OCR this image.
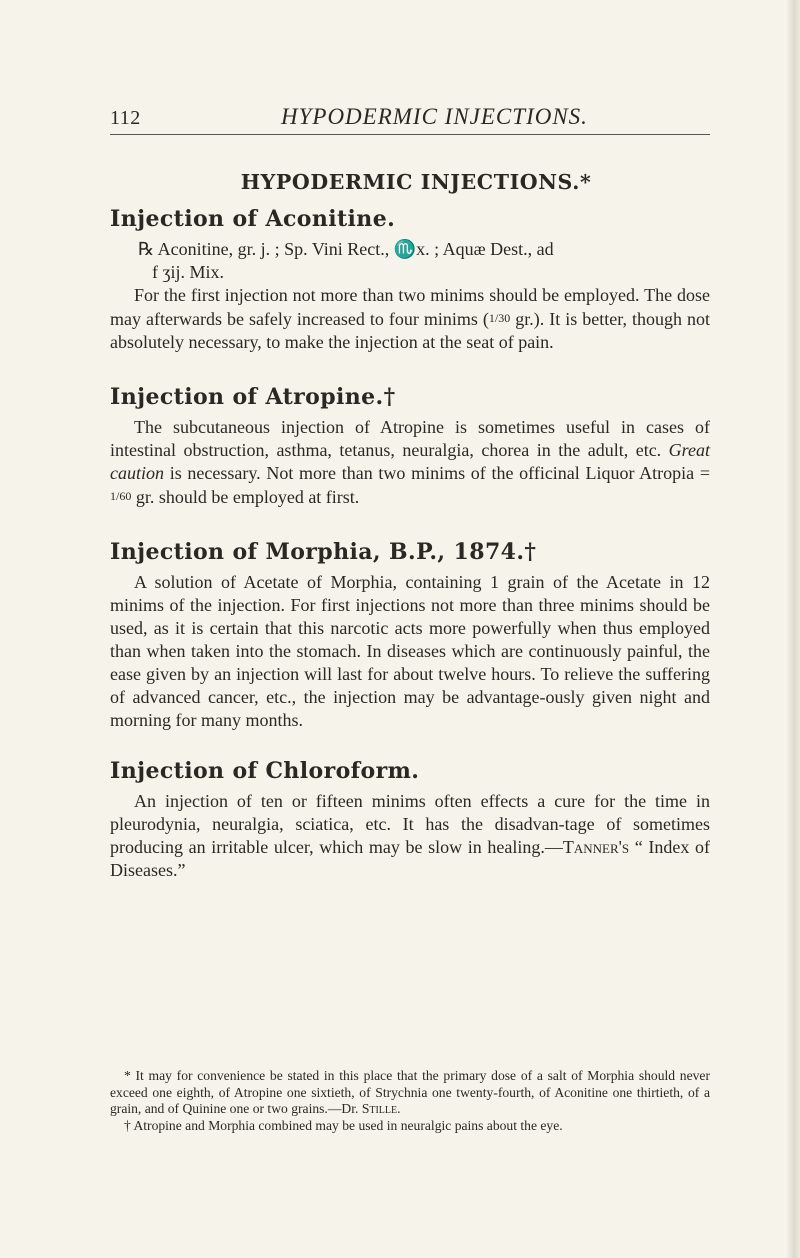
112	HYPODERMIC INJECTIONS.
HYPODERMIC INJECTIONS.*
Injection of Aconitine.

℞ Aconitine, gr. j. ; Sp. Vini Rect., ♏x. ; Aquæ Dest., ad
f ʒij. Mix.

For the first injection not more than two minims should be employed. The dose may afterwards be safely increased to four minims (1/30 gr.). It is better, though not absolutely necessary, to make the injection at the seat of pain.

Injection of Atropine.†

The subcutaneous injection of Atropine is sometimes useful in cases of intestinal obstruction, asthma, tetanus, neuralgia, chorea in the adult, etc. Great caution is necessary. Not more than two minims of the officinal Liquor Atropia = 1/60 gr. should be employed at first.

Injection of Morphia, B.P., 1874.†

A solution of Acetate of Morphia, containing 1 grain of the Acetate in 12 minims of the injection. For first injections not more than three minims should be used, as it is certain that this narcotic acts more powerfully when thus employed than when taken into the stomach. In diseases which are continuously painful, the ease given by an injection will last for about twelve hours. To relieve the suffering of advanced cancer, etc., the injection may be advantage-ously given night and morning for many months.

Injection of Chloroform.

An injection of ten or fifteen minims often effects a cure for the time in pleurodynia, neuralgia, sciatica, etc. It has the disadvan-tage of sometimes producing an irritable ulcer, which may be slow in healing.—Tanner's “ Index of Diseases.”

* It may for convenience be stated in this place that the primary dose of a salt of Morphia should never exceed one eighth, of Atropine one sixtieth, of Strychnia one twenty-fourth, of Aconitine one thirtieth, of a grain, and of Quinine one or two grains.—Dr. Stille.

† Atropine and Morphia combined may be used in neuralgic pains about the eye.
